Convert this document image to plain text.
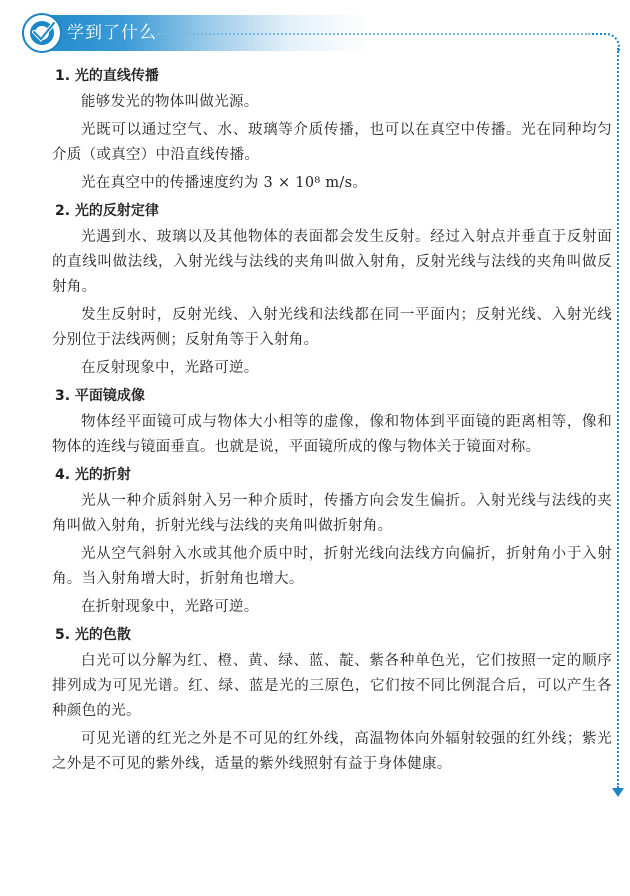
学到了什么
1. 光的直线传播

能够发光的物体叫做光源。

光既可以通过空气、水、玻璃等介质传播，也可以在真空中传播。光在同种均匀介质（或真空）中沿直线传播。

光在真空中的传播速度约为 3 × 10⁸ m/s。

2. 光的反射定律

光遇到水、玻璃以及其他物体的表面都会发生反射。经过入射点并垂直于反射面的直线叫做法线，入射光线与法线的夹角叫做入射角，反射光线与法线的夹角叫做反射角。

发生反射时，反射光线、入射光线和法线都在同一平面内；反射光线、入射光线分别位于法线两侧；反射角等于入射角。

在反射现象中，光路可逆。

3. 平面镜成像

物体经平面镜可成与物体大小相等的虚像，像和物体到平面镜的距离相等，像和物体的连线与镜面垂直。也就是说，平面镜所成的像与物体关于镜面对称。

4. 光的折射

光从一种介质斜射入另一种介质时，传播方向会发生偏折。入射光线与法线的夹角叫做入射角，折射光线与法线的夹角叫做折射角。

光从空气斜射入水或其他介质中时，折射光线向法线方向偏折，折射角小于入射角。当入射角增大时，折射角也增大。

在折射现象中，光路可逆。

5. 光的色散

白光可以分解为红、橙、黄、绿、蓝、靛、紫各种单色光，它们按照一定的顺序排列成为可见光谱。红、绿、蓝是光的三原色，它们按不同比例混合后，可以产生各种颜色的光。

可见光谱的红光之外是不可见的红外线，高温物体向外辐射较强的红外线；紫光之外是不可见的紫外线，适量的紫外线照射有益于身体健康。
